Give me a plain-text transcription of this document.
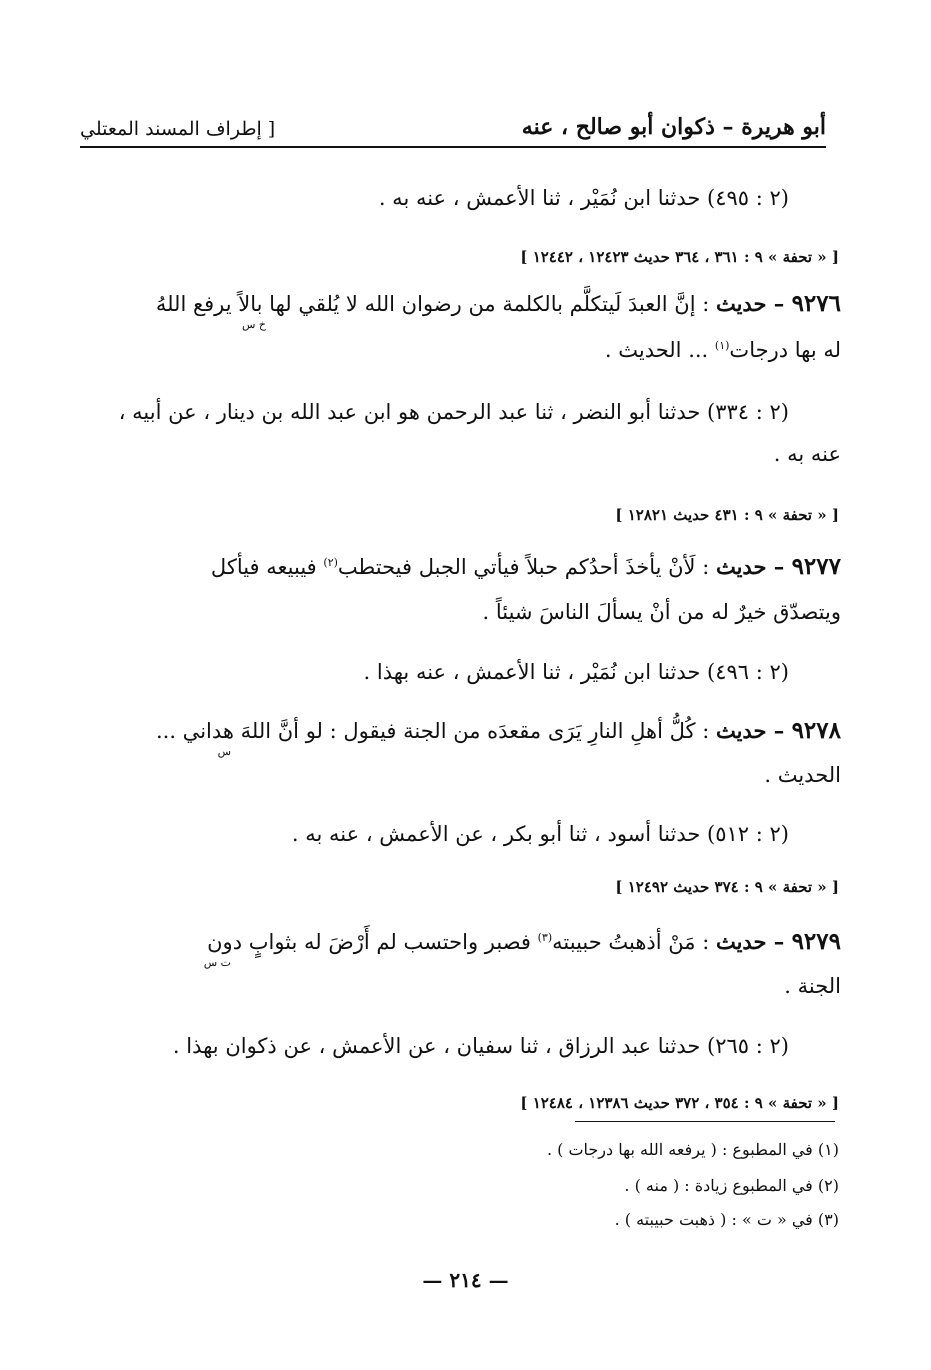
أبو هريرة – ذكوان أبو صالح ، عنه
[ إطراف المسند المعتلي
(٢ : ٤٩٥) حدثنا ابن نُمَيْر ، ثنا الأعمش ، عنه به .
[ « تحفة » ٩ : ٣٦١ ، ٣٦٤ حديث ١٢٤٢٣ ، ١٢٤٤٢ ]
٩٢٧٦ – حديث : إنَّ العبدَ لَيتكلَّم بالكلمة من رضوان الله لا يُلقي لها بالاً يرفع اللهُ
خ س
له بها درجات$^{(١)}$ ... الحديث .
(٢ : ٣٣٤) حدثنا أبو النضر ، ثنا عبد الرحمن هو ابن عبد الله بن دينار ، عن أبيه ،
عنه به .
[ « تحفة » ٩ : ٤٣١ حديث ١٢٨٢١ ]
٩٢٧٧ – حديث : لَأنْ يأخذَ أحدُكم حبلاً فيأتي الجبل فيحتطب$^{(٢)}$ فيبيعه فيأكل
ويتصدّق خيرٌ له من أنْ يسألَ الناسَ شيئاً .
(٢ : ٤٩٦) حدثنا ابن نُمَيْر ، ثنا الأعمش ، عنه بهذا .
٩٢٧٨ – حديث : كُلُّ أهلِ النارِ يَرَى مقعدَه من الجنة فيقول : لو أنَّ اللهَ هداني ...
س
الحديث .
(٢ : ٥١٢) حدثنا أسود ، ثنا أبو بكر ، عن الأعمش ، عنه به .
[ « تحفة » ٩ : ٣٧٤ حديث ١٢٤٩٢ ]
٩٢٧٩ – حديث : مَنْ أذهبتُ حبيبته$^{(٣)}$ فصبر واحتسب لم أَرْضَ له بثوابٍ دون
ت س
الجنة .
(٢ : ٢٦٥) حدثنا عبد الرزاق ، ثنا سفيان ، عن الأعمش ، عن ذكوان بهذا .
[ « تحفة » ٩ : ٣٥٤ ، ٣٧٢ حديث ١٢٣٨٦ ، ١٢٤٨٤ ]
(١) في المطبوع : ( يرفعه الله بها درجات ) .
(٢) في المطبوع زيادة : ( منه ) .
(٣) في « ت » : ( ذهبت حبيبته ) .
— ٢١٤ —
